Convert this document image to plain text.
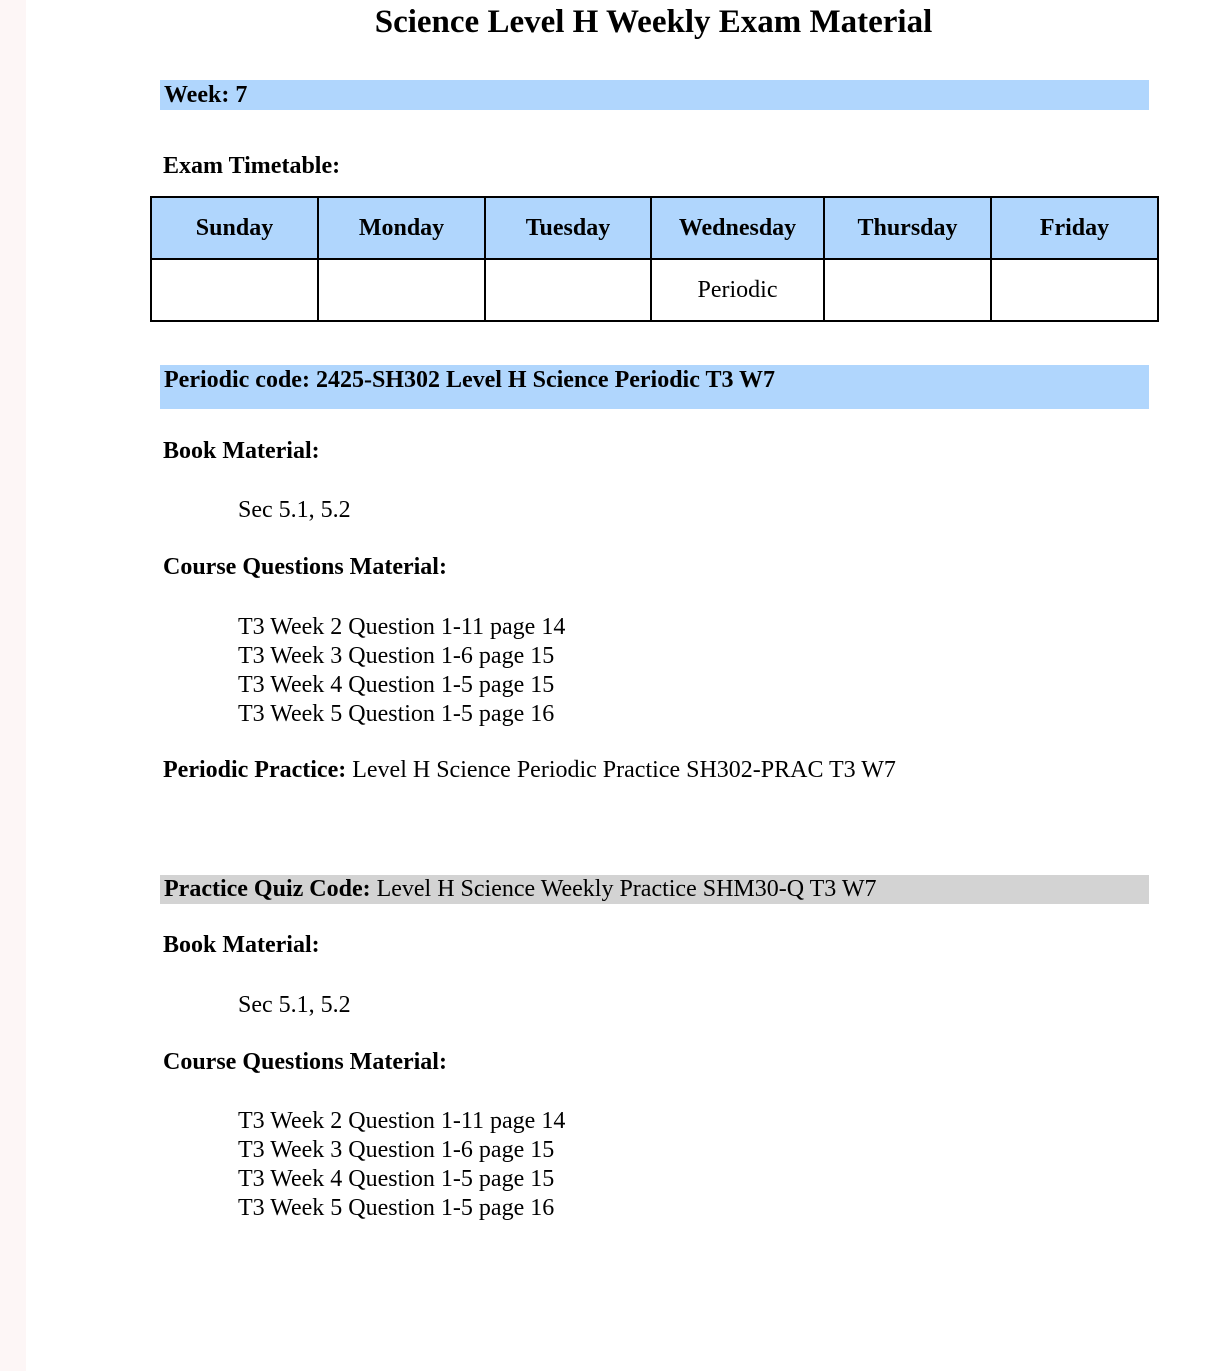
Science Level H Weekly Exam Material
Week: 7
Exam Timetable:
Sunday	Monday	Tuesday	Wednesday	Thursday	Friday
			Periodic		
Periodic code: 2425-SH302 Level H Science Periodic T3 W7
Book Material:
Sec 5.1, 5.2
Course Questions Material:
T3 Week 2 Question 1-11 page 14
T3 Week 3 Question 1-6 page 15
T3 Week 4 Question 1-5 page 15
T3 Week 5 Question 1-5 page 16
Periodic Practice: Level H Science Periodic Practice SH302-PRAC T3 W7
Practice Quiz Code: Level H Science Weekly Practice SHM30-Q T3 W7
Book Material:
Sec 5.1, 5.2
Course Questions Material:
T3 Week 2 Question 1-11 page 14
T3 Week 3 Question 1-6 page 15
T3 Week 4 Question 1-5 page 15
T3 Week 5 Question 1-5 page 16
